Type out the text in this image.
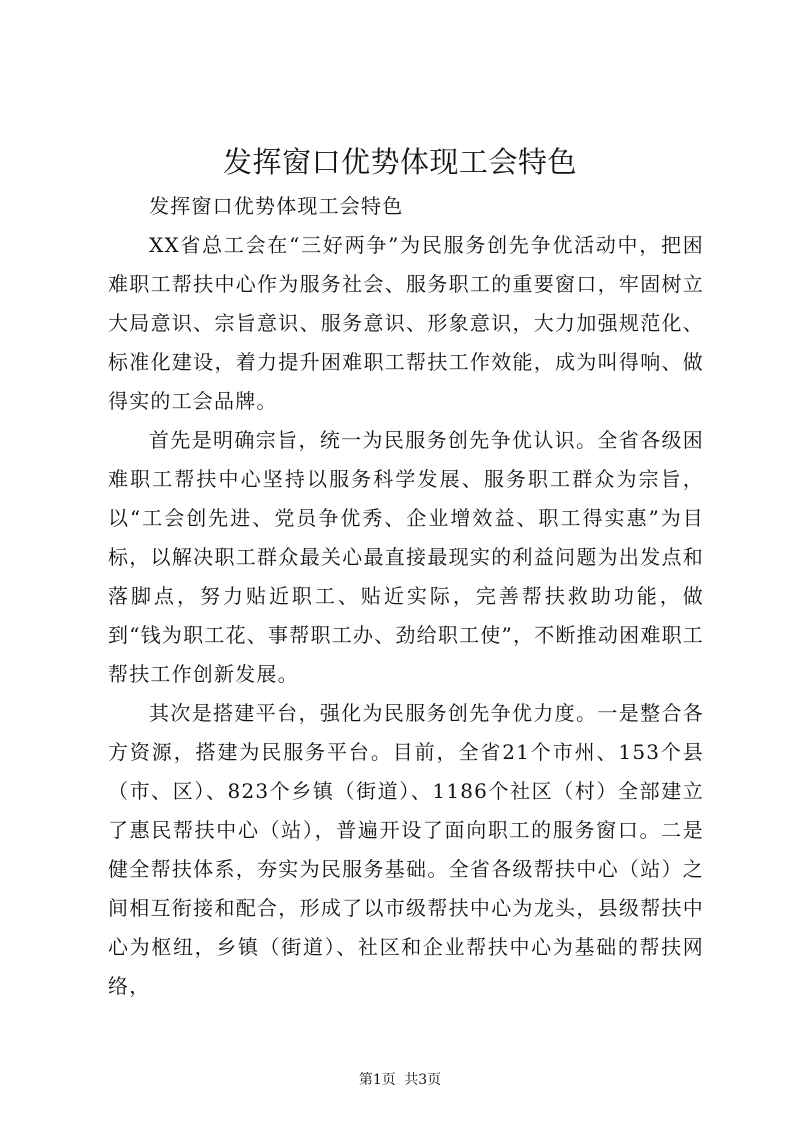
发挥窗口优势体现工会特色

发挥窗口优势体现工会特色

XX省总工会在“三好两争”为民服务创先争优活动中，把困难职工帮扶中心作为服务社会、服务职工的重要窗口，牢固树立大局意识、宗旨意识、服务意识、形象意识，大力加强规范化、标准化建设，着力提升困难职工帮扶工作效能，成为叫得响、做得实的工会品牌。

首先是明确宗旨，统一为民服务创先争优认识。全省各级困难职工帮扶中心坚持以服务科学发展、服务职工群众为宗旨，以“工会创先进、党员争优秀、企业增效益、职工得实惠”为目标，以解决职工群众最关心最直接最现实的利益问题为出发点和落脚点，努力贴近职工、贴近实际，完善帮扶救助功能，做到“钱为职工花、事帮职工办、劲给职工使”，不断推动困难职工帮扶工作创新发展。

其次是搭建平台，强化为民服务创先争优力度。一是整合各方资源，搭建为民服务平台。目前，全省21个市州、153个县（市、区）、823个乡镇（街道）、1186个社区（村）全部建立了惠民帮扶中心（站），普遍开设了面向职工的服务窗口。二是健全帮扶体系，夯实为民服务基础。全省各级帮扶中心（站）之间相互衔接和配合，形成了以市级帮扶中心为龙头，县级帮扶中心为枢纽，乡镇（街道）、社区和企业帮扶中心为基础的帮扶网络，

第1页 共3页
